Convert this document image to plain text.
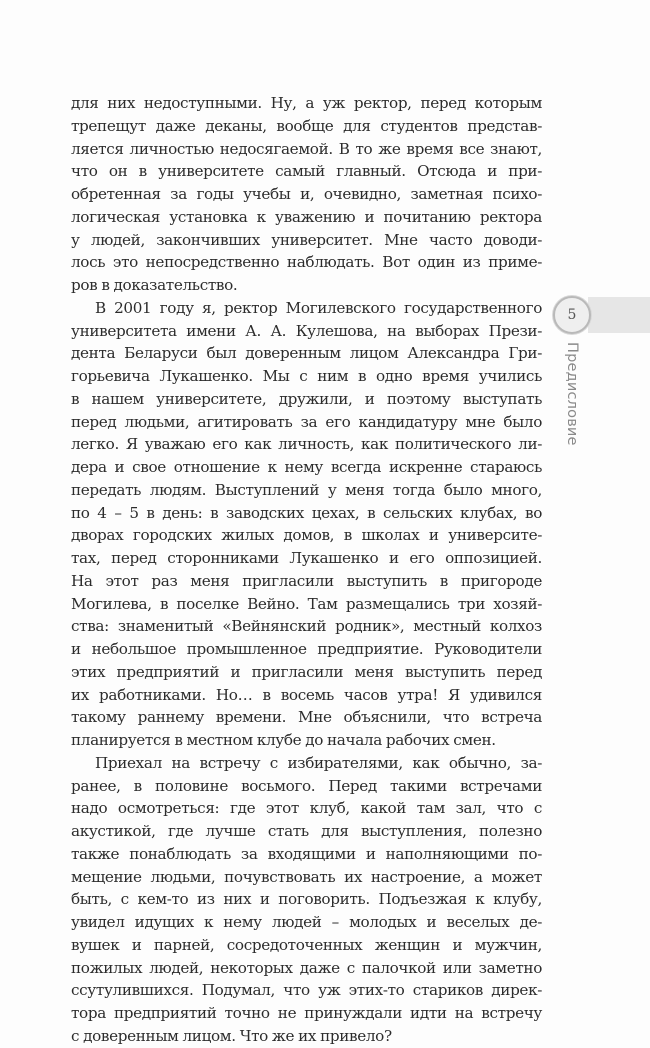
для них недоступными. Ну, а уж ректор, перед которым
трепещут даже деканы, вообще для студентов представ-
ляется личностью недосягаемой. В то же время все знают,
что он в университете самый главный. Отсюда и при-
обретенная за годы учебы и, очевидно, заметная психо-
логическая установка к уважению и почитанию ректора
у людей, закончивших университет. Мне часто доводи-
лось это непосредственно наблюдать. Вот один из приме-
ров в доказательство.
В 2001 году я, ректор Могилевского государственного
университета имени А. А. Кулешова, на выборах Прези-
дента Беларуси был доверенным лицом Александра Гри-
горьевича Лукашенко. Мы с ним в одно время учились
в нашем университете, дружили, и поэтому выступать
перед людьми, агитировать за его кандидатуру мне было
легко. Я уважаю его как личность, как политического ли-
дера и свое отношение к нему всегда искренне стараюсь
передать людям. Выступлений у меня тогда было много,
по 4 – 5 в день: в заводских цехах, в сельских клубах, во
дворах городских жилых домов, в школах и университе-
тах, перед сторонниками Лукашенко и его оппозицией.
На этот раз меня пригласили выступить в пригороде
Могилева, в поселке Вейно. Там размещались три хозяй-
ства: знаменитый «Вейнянский родник», местный колхоз
и небольшое промышленное предприятие. Руководители
этих предприятий и пригласили меня выступить перед
их работниками. Но… в восемь часов утра! Я удивился
такому раннему времени. Мне объяснили, что встреча
планируется в местном клубе до начала рабочих смен.
Приехал на встречу с избирателями, как обычно, за-
ранее, в половине восьмого. Перед такими встречами
надо осмотреться: где этот клуб, какой там зал, что с
акустикой, где лучше стать для выступления, полезно
также понаблюдать за входящими и наполняющими по-
мещение людьми, почувствовать их настроение, а может
быть, с кем-то из них и поговорить. Подъезжая к клубу,
увидел идущих к нему людей – молодых и веселых де-
вушек и парней, сосредоточенных женщин и мужчин,
пожилых людей, некоторых даже с палочкой или заметно
ссутулившихся. Подумал, что уж этих-то стариков дирек-
тора предприятий точно не принуждали идти на встречу
с доверенным лицом. Что же их привело?
5
Предисловие
